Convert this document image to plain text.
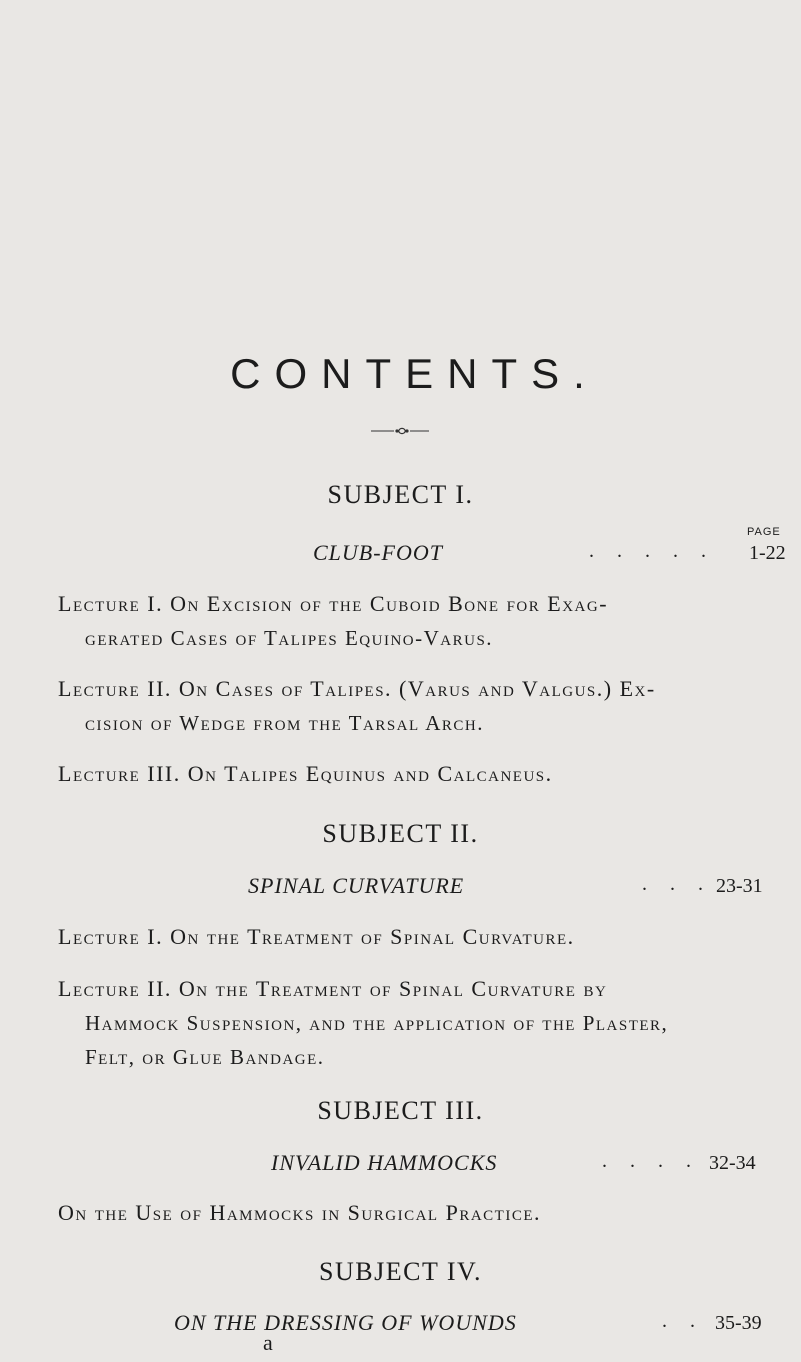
CONTENTS.
SUBJECT I.
PAGE
CLUB-FOOT	. . . . . 1-22
Lecture I. On Excision of the Cuboid Bone for Exag-
gerated Cases of Talipes Equino-Varus.
Lecture II. On Cases of Talipes. (Varus and Valgus.) Ex-
cision of Wedge from the Tarsal Arch.
Lecture III. On Talipes Equinus and Calcaneus.
SUBJECT II.
SPINAL CURVATURE	. . . 23-31
Lecture I. On the Treatment of Spinal Curvature.
Lecture II. On the Treatment of Spinal Curvature by
Hammock Suspension, and the application of the Plaster,
Felt, or Glue Bandage.
SUBJECT III.
INVALID HAMMOCKS	. . . . 32-34
On the Use of Hammocks in Surgical Practice.
SUBJECT IV.
ON THE DRESSING OF WOUNDS	. . 35-39
a
